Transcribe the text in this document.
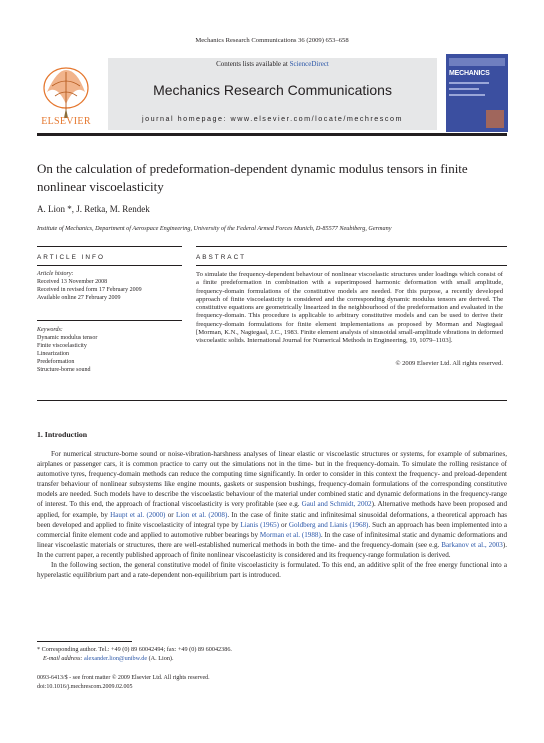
Mechanics Research Communications 36 (2009) 653–658
ELSEVIER
Contents lists available at ScienceDirect
Mechanics Research Communications
journal homepage: www.elsevier.com/locate/mechrescom
MECHANICS
On the calculation of predeformation-dependent dynamic modulus tensors in finite nonlinear viscoelasticity
A. Lion *, J. Retka, M. Rendek
Institute of Mechanics, Department of Aerospace Engineering, University of the Federal Armed Forces Munich, D-85577 Neubiberg, Germany
ARTICLE INFO
Article history:
Received 13 November 2008
Received in revised form 17 February 2009
Available online 27 February 2009
Keywords:
Dynamic modulus tensor
Finite viscoelasticity
Linearization
Predeformation
Structure-borne sound
ABSTRACT
To simulate the frequency-dependent behaviour of nonlinear viscoelastic structures under loadings which consist of a finite predeformation in combination with a superimposed harmonic deformation with small amplitude, frequency-domain formulations of the constitutive models are needed. For this purpose, a recently developed approach of finite viscoelasticity is considered and the corresponding dynamic modulus tensors are derived. The constitutive equations are geometrically linearized in the neighbourhood of the predeformation and evaluated in the frequency-domain. This procedure is applicable to arbitrary constitutive models and can be used to derive their frequency-domain formulations for finite element implementations as proposed by Morman and Nagtegaal [Morman, K.N., Nagtegaal, J.C., 1983. Finite element analysis of sinusoidal small-amplitude vibrations in deformed viscoelastic solids. International Journal for Numerical Methods in Engineering, 19, 1079–1103].
© 2009 Elsevier Ltd. All rights reserved.
1. Introduction

For numerical structure-borne sound or noise-vibration-harshness analyses of linear elastic or viscoelastic structures or systems, for example of submarines, airplanes or passenger cars, it is common practice to carry out the simulations not in the time- but in the frequency-domain. To simulate the rolling resistance of automotive tyres, frequency-domain methods can reduce the computing time significantly. In order to consider in this context the frequency- and preload-dependent transfer behaviour of nonlinear subsystems like engine mounts, gaskets or suspension bushings, frequency-domain formulations of the corresponding constitutive models are needed. Such models have to describe the viscoelastic behaviour of the material under combined static and dynamic deformations in the frequency-range of interest. To this end, the approach of fractional viscoelasticity is very profitable (see e.g. Gaul and Schmidt, 2002). Alternative methods have been proposed and applied, for example, by Haupt et al. (2000) or Lion et al. (2008). In the case of finite static and infinitesimal sinusoidal deformations, a theoretical approach has been developed and applied to finite viscoelasticity of integral type by Lianis (1965) or Goldberg and Lianis (1968). Such an approach has been implemented into a commercial finite element code and applied to automotive rubber bearings by Morman et al. (1988). In the case of infinitesimal static and dynamic deformations and linear viscoelastic materials or structures, there are well-established numerical methods in both the time- and the frequency-domain (see e.g. Barkanov et al., 2003). In the current paper, a recently published approach of finite nonlinear viscoelasticity is considered and its frequency-range formulation is derived.

In the following section, the general constitutive model of finite viscoelasticity is formulated. To this end, an additive split of the free energy functional into a hyperelastic equilibrium part and a rate-dependent non-equilibrium part is introduced.

* Corresponding author. Tel.: +49 (0) 89 60042494; fax: +49 (0) 89 60042386.
E-mail address: alexander.lion@unibw.de (A. Lion).
0093-6413/$ - see front matter © 2009 Elsevier Ltd. All rights reserved.
doi:10.1016/j.mechrescom.2009.02.005
